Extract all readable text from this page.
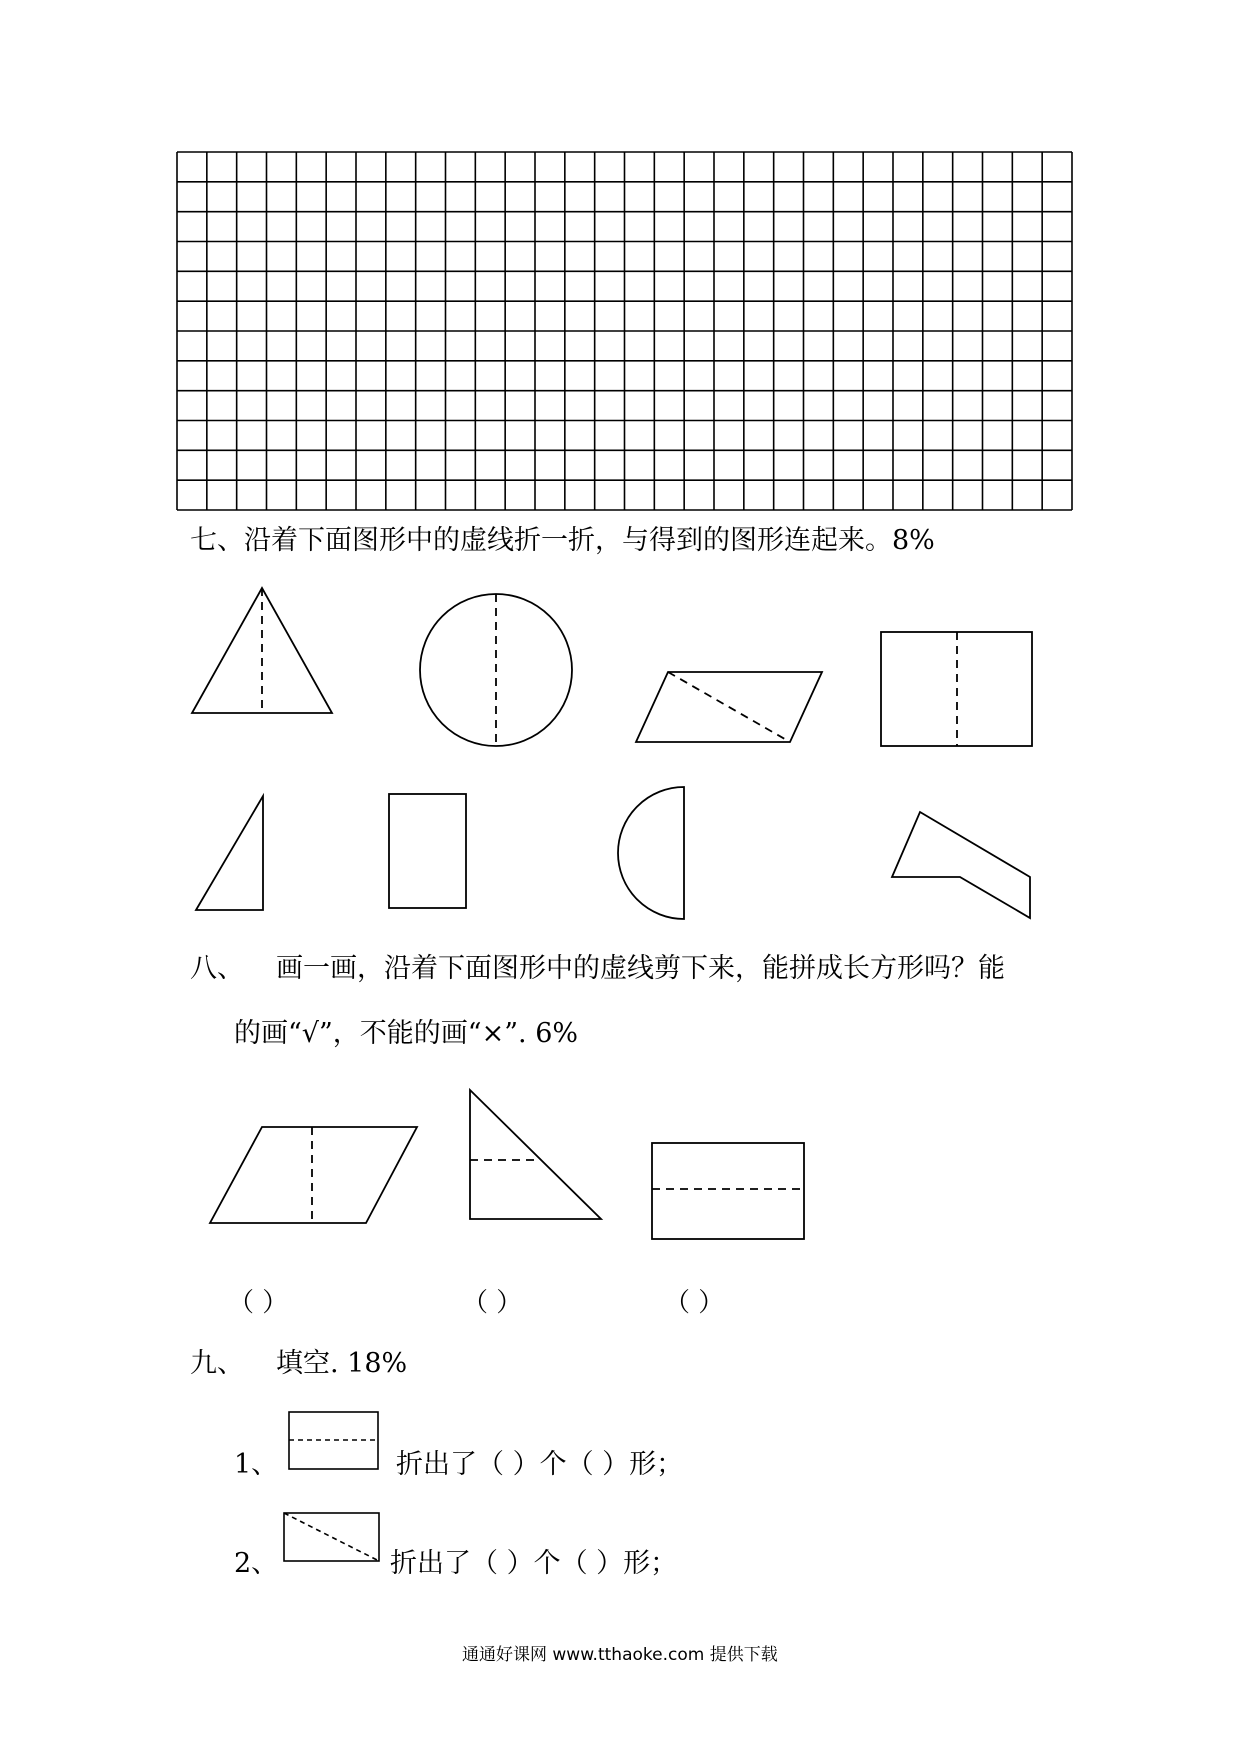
七、沿着下面图形中的虚线折一折，与得到的图形连起来。8%
八、 画一画，沿着下面图形中的虚线剪下来，能拼成长方形吗？能
的画“√”，不能的画“×”. 6%
（ ）	（ ）	（ ）
九、 填空. 18%
1、	折出了（ ）个（ ）形；
2、	折出了（ ）个（ ）形；
通通好课网 www.tthaoke.com 提供下载
